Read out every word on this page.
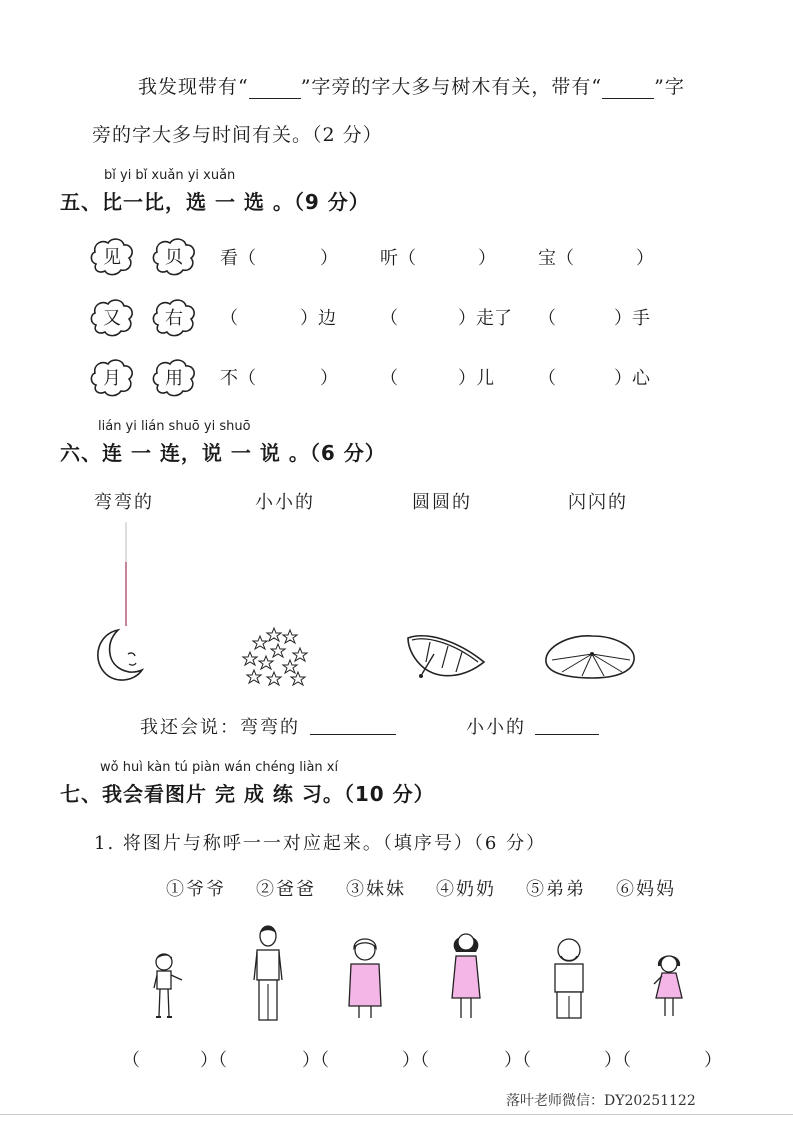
我发现带有“	”字旁的字大多与树木有关，带有“	”字
旁的字大多与时间有关。（2 分）
bǐ yi bǐ xuǎn yi xuǎn
五、比一比，选 一 选 。（9 分）
见	贝	看（	） 听（	） 宝（	）
又	右	（	）边 （	）走了 （	）手
月	用	不（	） （	）儿 （	）心
lián yi lián shuō yi shuō
六、连 一 连，说 一 说 。（6 分）
弯弯的	小小的	圆圆的	闪闪的
我还会说：弯弯的	小小的
wǒ huì kàn tú piàn wán chéng liàn xí
七、我会看图片 完 成 练 习。（10 分）
1. 将图片与称呼一一对应起来。（填序号）（6 分）
①爷爷 ②爸爸 ③妹妹 ④奶奶 ⑤弟弟 ⑥妈妈
（	）（	）（	）（	）（	）（	）
落叶老师微信：DY20251122
